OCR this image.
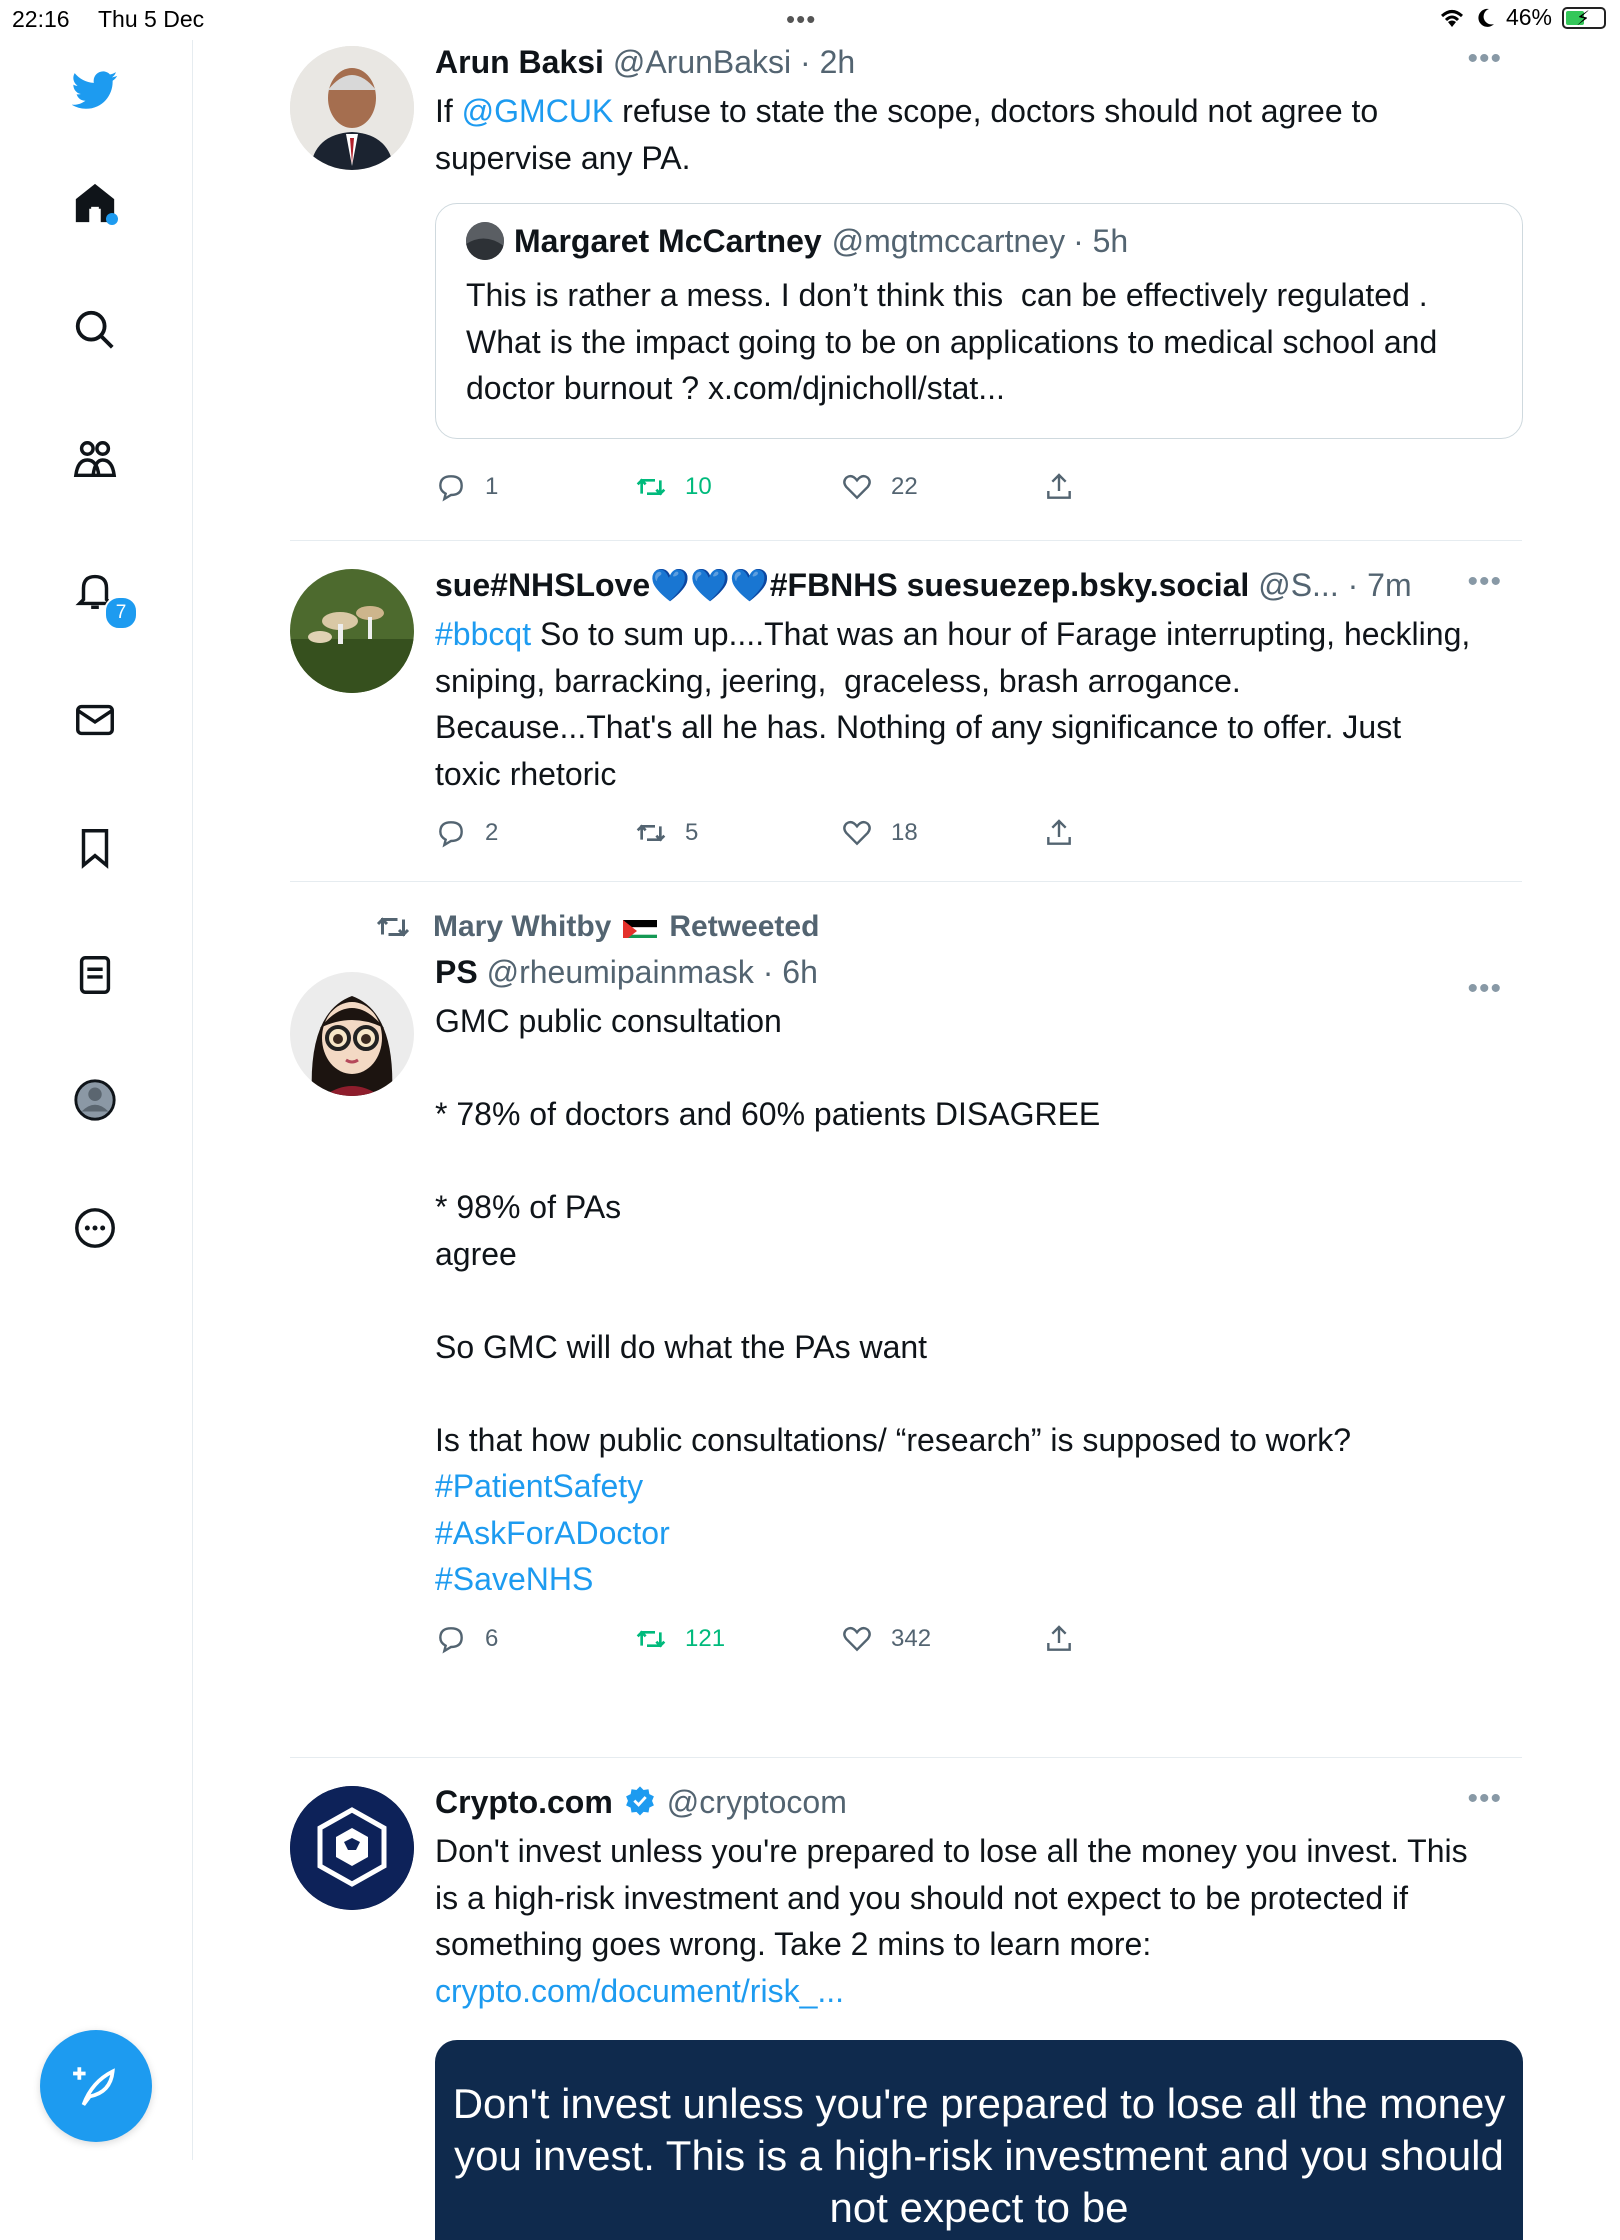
22:16 Thu 5 Dec	•••	46% ⚡
7
Arun Baksi @ArunBaksi · 2h
If @GMCUK refuse to state the scope, doctors should not agree to supervise any PA.
Margaret McCartney @mgtmccartney · 5h
This is rather a mess. I don’t think this  can be effectively regulated . What is the impact going to be on applications to medical school and doctor burnout ? x.com/djnicholl/stat...
1	10	22
•••
sue#NHSLove💙💙💙#FBNHS suesuezep.bsky.social @S... · 7m
#bbcqt So to sum up....That was an hour of Farage interrupting, heckling, sniping, barracking, jeering,  graceless, brash arrogance. Because...That's all he has. Nothing of any significance to offer. Just toxic rhetoric
2	5	18
•••
Mary Whitby Retweeted
PS @rheumipainmask · 6h
GMC public consultation

* 78% of doctors and 60% patients DISAGREE

* 98% of PAs
agree

So GMC will do what the PAs want

Is that how public consultations/ “research” is supposed to work?
#PatientSafety
#AskForADoctor
#SaveNHS
6	121	342
•••
Crypto.com @cryptocom
Don't invest unless you're prepared to lose all the money you invest. This is a high-risk investment and you should not expect to be protected if something goes wrong. Take 2 mins to learn more:
crypto.com/document/risk_...
Don't invest unless you're prepared to lose all the money you invest. This is a high-risk investment and you should not expect to be
•••
